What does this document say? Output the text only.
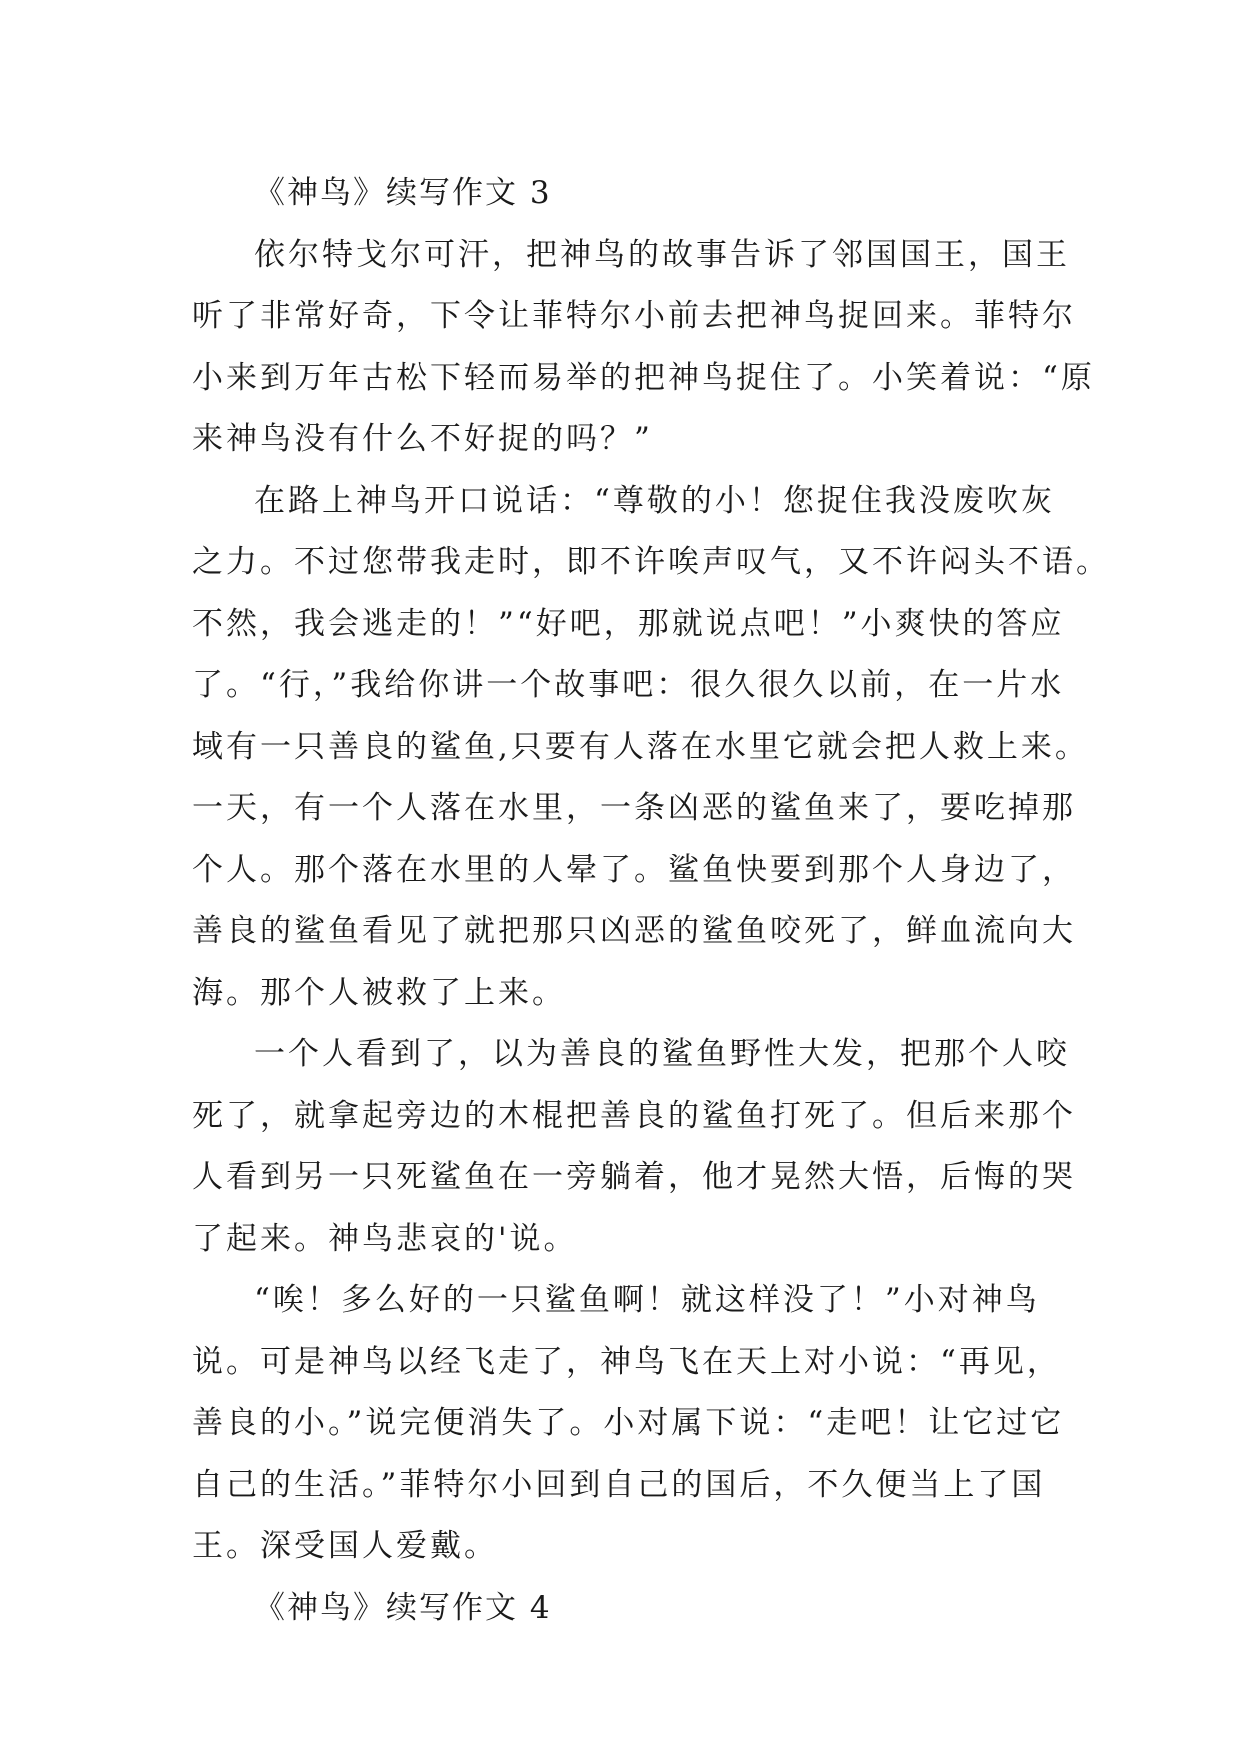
《神鸟》续写作文 3
依尔特戈尔可汗，把神鸟的故事告诉了邻国国王，国王
听了非常好奇，下令让菲特尔小前去把神鸟捉回来。菲特尔
小来到万年古松下轻而易举的把神鸟捉住了。小笑着说：“原
来神鸟没有什么不好捉的吗？”
在路上神鸟开口说话：“尊敬的小！您捉住我没废吹灰
之力。不过您带我走时，即不许唉声叹气，又不许闷头不语。
不然，我会逃走的！”“好吧，那就说点吧！”小爽快的答应
了。“行，”我给你讲一个故事吧：很久很久以前，在一片水
域有一只善良的鲨鱼,只要有人落在水里它就会把人救上来。
一天，有一个人落在水里，一条凶恶的鲨鱼来了，要吃掉那
个人。那个落在水里的人晕了。鲨鱼快要到那个人身边了，
善良的鲨鱼看见了就把那只凶恶的鲨鱼咬死了，鲜血流向大
海。那个人被救了上来。
一个人看到了，以为善良的鲨鱼野性大发，把那个人咬
死了，就拿起旁边的木棍把善良的鲨鱼打死了。但后来那个
人看到另一只死鲨鱼在一旁躺着，他才晃然大悟，后悔的哭
了起来。神鸟悲哀的'说。
“唉！多么好的一只鲨鱼啊！就这样没了！”小对神鸟
说。可是神鸟以经飞走了，神鸟飞在天上对小说：“再见，
善良的小。”说完便消失了。小对属下说：“走吧！让它过它
自己的生活。”菲特尔小回到自己的国后，不久便当上了国
王。深受国人爱戴。
《神鸟》续写作文 4
